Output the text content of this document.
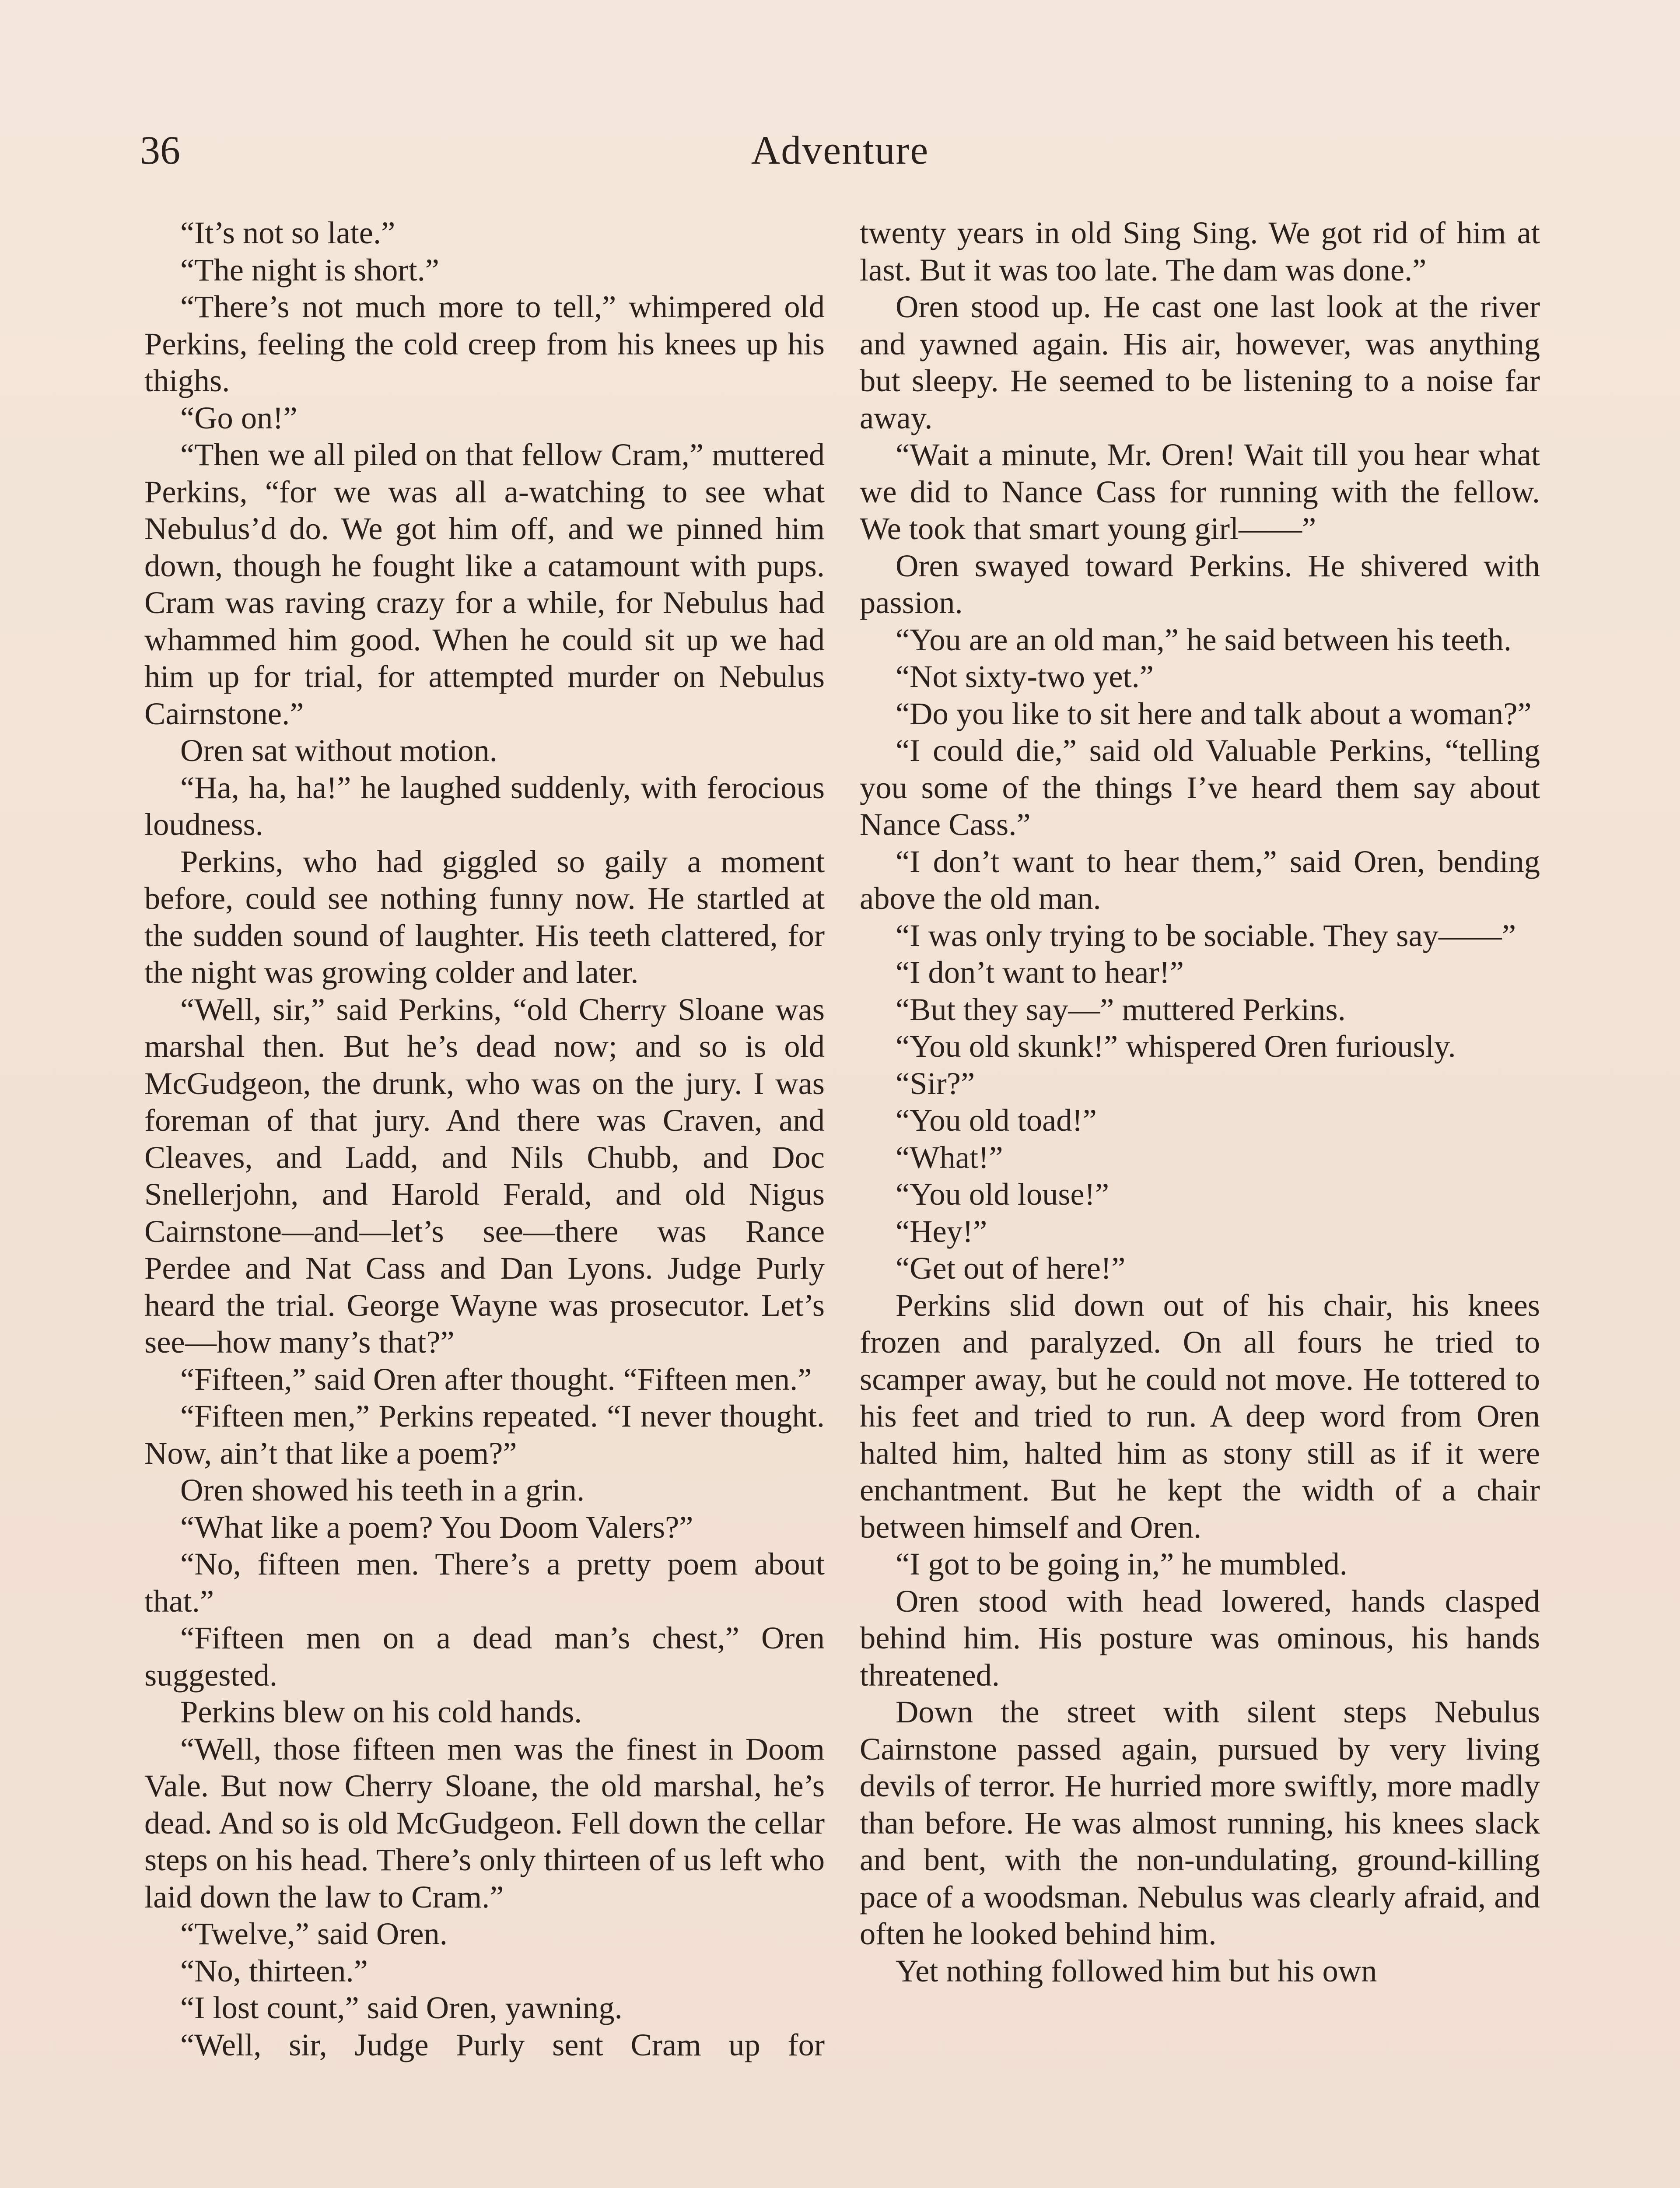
36	Adventure

“It’s not so late.”

“The night is short.”

“There’s not much more to tell,” whimpered old Perkins, feeling the cold creep from his knees up his thighs.

“Go on!”

“Then we all piled on that fellow Cram,” muttered Perkins, “for we was all a-watching to see what Nebulus’d do. We got him off, and we pinned him down, though he fought like a catamount with pups. Cram was raving crazy for a while, for Nebulus had whammed him good. When he could sit up we had him up for trial, for attempted murder on Nebulus Cairnstone.”

Oren sat without motion.

“Ha, ha, ha!” he laughed suddenly, with ferocious loudness.

Perkins, who had giggled so gaily a moment before, could see nothing funny now. He startled at the sudden sound of laughter. His teeth clattered, for the night was growing colder and later.

“Well, sir,” said Perkins, “old Cherry Sloane was marshal then. But he’s dead now; and so is old McGudgeon, the drunk, who was on the jury. I was foreman of that jury. And there was Craven, and Cleaves, and Ladd, and Nils Chubb, and Doc Snellerjohn, and Harold Ferald, and old Nigus Cairnstone—and—let’s see—there was Rance Perdee and Nat Cass and Dan Lyons. Judge Purly heard the trial. George Wayne was prosecutor. Let’s see—how many’s that?”

“Fifteen,” said Oren after thought. “Fifteen men.”

“Fifteen men,” Perkins repeated. “I never thought. Now, ain’t that like a poem?”

Oren showed his teeth in a grin.

“What like a poem? You Doom Valers?”

“No, fifteen men. There’s a pretty poem about that.”

“Fifteen men on a dead man’s chest,” Oren suggested.

Perkins blew on his cold hands.

“Well, those fifteen men was the finest in Doom Vale. But now Cherry Sloane, the old marshal, he’s dead. And so is old McGudgeon. Fell down the cellar steps on his head. There’s only thirteen of us left who laid down the law to Cram.”

“Twelve,” said Oren.

“No, thirteen.”

“I lost count,” said Oren, yawning.

“Well, sir, Judge Purly sent Cram up for

twenty years in old Sing Sing. We got rid of him at last. But it was too late. The dam was done.”

Oren stood up. He cast one last look at the river and yawned again. His air, however, was anything but sleepy. He seemed to be listening to a noise far away.

“Wait a minute, Mr. Oren! Wait till you hear what we did to Nance Cass for running with the fellow. We took that smart young girl——”

Oren swayed toward Perkins. He shivered with passion.

“You are an old man,” he said between his teeth.

“Not sixty-two yet.”

“Do you like to sit here and talk about a woman?”

“I could die,” said old Valuable Perkins, “telling you some of the things I’ve heard them say about Nance Cass.”

“I don’t want to hear them,” said Oren, bending above the old man.

“I was only trying to be sociable. They say——”

“I don’t want to hear!”

“But they say—” muttered Perkins.

“You old skunk!” whispered Oren furiously.

“Sir?”

“You old toad!”

“What!”

“You old louse!”

“Hey!”

“Get out of here!”

Perkins slid down out of his chair, his knees frozen and paralyzed. On all fours he tried to scamper away, but he could not move. He tottered to his feet and tried to run. A deep word from Oren halted him, halted him as stony still as if it were enchantment. But he kept the width of a chair between himself and Oren.

“I got to be going in,” he mumbled.

Oren stood with head lowered, hands clasped behind him. His posture was ominous, his hands threatened.

Down the street with silent steps Nebulus Cairnstone passed again, pursued by very living devils of terror. He hurried more swiftly, more madly than before. He was almost running, his knees slack and bent, with the non-undulating, ground-killing pace of a woodsman. Nebulus was clearly afraid, and often he looked behind him.

Yet nothing followed him but his own
